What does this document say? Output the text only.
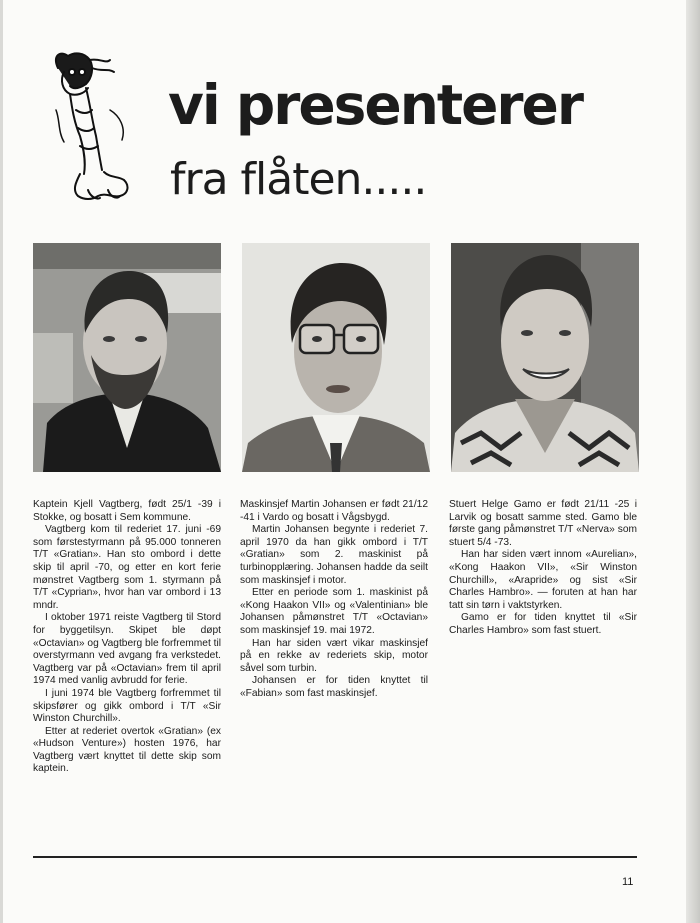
vi presenterer
fra flåten.....

Kaptein Kjell Vagtberg, født 25/1 -39 i Stokke, og bosatt i Sem kommune.

Vagtberg kom til rederiet 17. juni -69 som førstestyrmann på 95.000 tonneren T/T «Gratian». Han sto ombord i dette skip til april -70, og etter en kort ferie mønstret Vagtberg som 1. styrmann på T/T «Cyprian», hvor han var ombord i 13 mndr.

I oktober 1971 reiste Vagtberg til Stord for byggetilsyn. Skipet ble døpt «Octavian» og Vagtberg ble forfremmet til overstyrmann ved avgang fra verkstedet. Vagtberg var på «Octavian» frem til april 1974 med vanlig avbrudd for ferie.

I juni 1974 ble Vagtberg forfremmet til skipsfører og gikk ombord i T/T «Sir Winston Churchill».

Etter at rederiet overtok «Gratian» (ex «Hudson Venture») hosten 1976, har Vagtberg vært knyttet til dette skip som kaptein.

Maskinsjef Martin Johansen er født 21/12 -41 i Vardo og bosatt i Vågsbygd.

Martin Johansen begynte i rederiet 7. april 1970 da han gikk ombord i T/T «Gratian» som 2. maskinist på turbinopplæring. Johansen hadde da seilt som maskinsjef i motor.

Etter en periode som 1. maskinist på «Kong Haakon VII» og «Valentinian» ble Johansen påmønstret T/T «Octavian» som maskinsjef 19. mai 1972.

Han har siden vært vikar maskinsjef på en rekke av rederiets skip, motor såvel som turbin.

Johansen er for tiden knyttet til «Fabian» som fast maskinsjef.

Stuert Helge Gamo er født 21/11 -25 i Larvik og bosatt samme sted. Gamo ble første gang påmønstret T/T «Nerva» som stuert 5/4 -73.

Han har siden vært innom «Aurelian», «Kong Haakon VII», «Sir Winston Churchill», «Arapride» og sist «Sir Charles Hambro». — foruten at han har tatt sin tørn i vaktstyrken.

Gamo er for tiden knyttet til «Sir Charles Hambro» som fast stuert.

11
